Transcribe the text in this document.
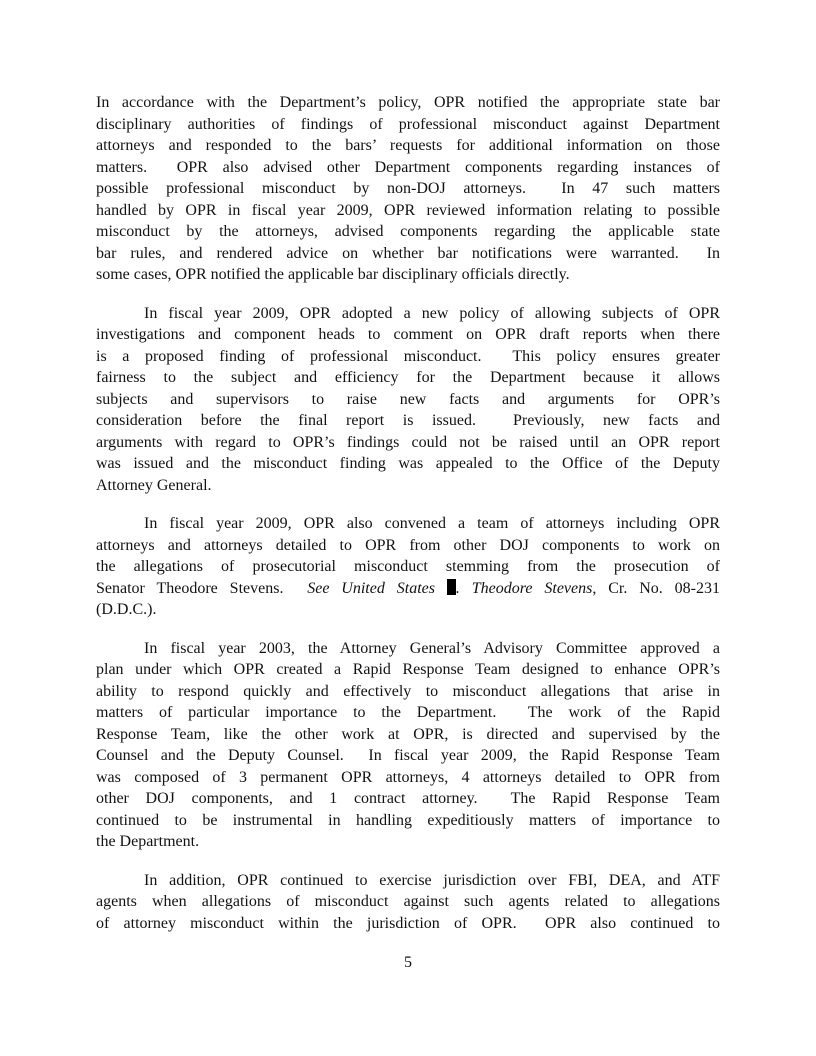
In accordance with the Department’s policy, OPR notified the appropriate state bar
disciplinary authorities of findings of professional misconduct against Department
attorneys and responded to the bars’ requests for additional information on those
matters.  OPR also advised other Department components regarding instances of
possible professional misconduct by non-DOJ attorneys.  In 47 such matters
handled by OPR in fiscal year 2009, OPR reviewed information relating to possible
misconduct by the attorneys, advised components regarding the applicable state
bar rules, and rendered advice on whether bar notifications were warranted.  In
some cases, OPR notified the applicable bar disciplinary officials directly.
In fiscal year 2009, OPR adopted a new policy of allowing subjects of OPR
investigations and component heads to comment on OPR draft reports when there
is a proposed finding of professional misconduct.  This policy ensures greater
fairness to the subject and efficiency for the Department because it allows
subjects and supervisors to raise new facts and arguments for OPR’s
consideration before the final report is issued.  Previously, new facts and
arguments with regard to OPR’s findings could not be raised until an OPR report
was issued and the misconduct finding was appealed to the Office of the Deputy
Attorney General.
In fiscal year 2009, OPR also convened a team of attorneys including OPR
attorneys and attorneys detailed to OPR from other DOJ components to work on
the allegations of prosecutorial misconduct stemming from the prosecution of
Senator Theodore Stevens.  See United States . Theodore Stevens, Cr. No. 08-231
(D.D.C.).
In fiscal year 2003, the Attorney General’s Advisory Committee approved a
plan under which OPR created a Rapid Response Team designed to enhance OPR’s
ability to respond quickly and effectively to misconduct allegations that arise in
matters of particular importance to the Department.  The work of the Rapid
Response Team, like the other work at OPR, is directed and supervised by the
Counsel and the Deputy Counsel.  In fiscal year 2009, the Rapid Response Team
was composed of 3 permanent OPR attorneys, 4 attorneys detailed to OPR from
other DOJ components, and 1 contract attorney.  The Rapid Response Team
continued to be instrumental in handling expeditiously matters of importance to
the Department.
In addition, OPR continued to exercise jurisdiction over FBI, DEA, and ATF
agents when allegations of misconduct against such agents related to allegations
of attorney misconduct within the jurisdiction of OPR.  OPR also continued to
5
